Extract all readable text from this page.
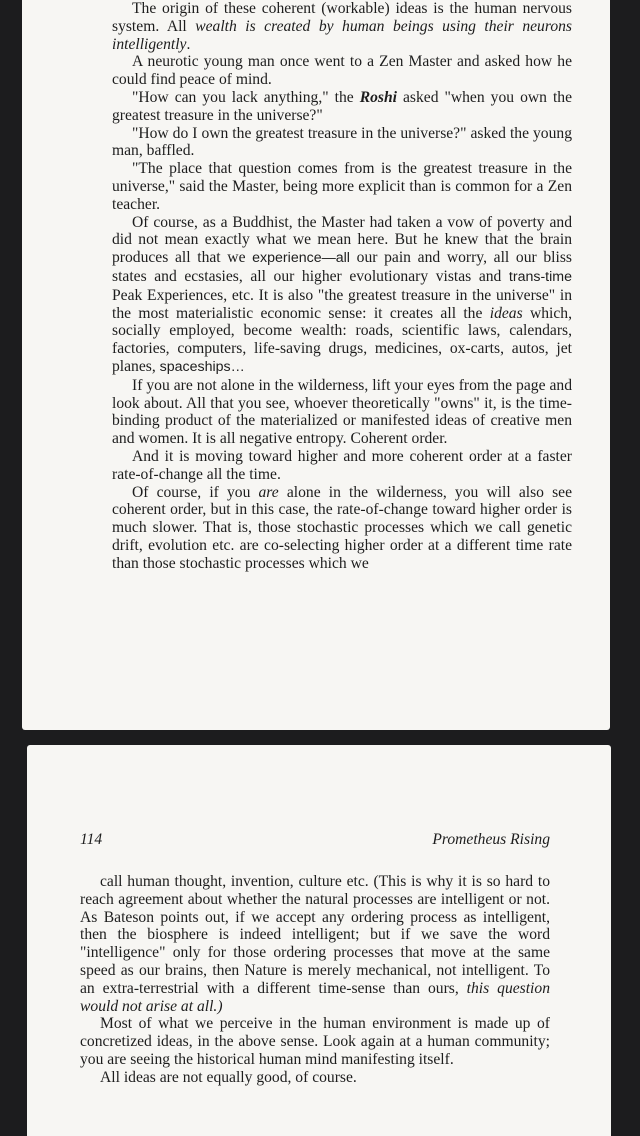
The origin of these coherent (workable) ideas is the human nervous system. All wealth is created by human beings using their neurons intelligently.

A neurotic young man once went to a Zen Master and asked how he could find peace of mind.

"How can you lack anything," the Roshi asked "when you own the greatest treasure in the universe?"

"How do I own the greatest treasure in the universe?" asked the young man, baffled.

"The place that question comes from is the greatest treasure in the universe," said the Master, being more explicit than is common for a Zen teacher.

Of course, as a Buddhist, the Master had taken a vow of poverty and did not mean exactly what we mean here. But he knew that the brain produces all that we experience—all our pain and worry, all our bliss states and ecstasies, all our higher evolutionary vistas and trans-time Peak Experiences, etc. It is also "the greatest treasure in the universe" in the most materialistic economic sense: it creates all the ideas which, socially employed, become wealth: roads, scientific laws, calendars, factories, computers, life-saving drugs, medicines, ox-carts, autos, jet planes, spaceships…

If you are not alone in the wilderness, lift your eyes from the page and look about. All that you see, whoever theoretically "owns" it, is the time-binding product of the materialized or manifested ideas of creative men and women. It is all negative entropy. Coherent order.

And it is moving toward higher and more coherent order at a faster rate-of-change all the time.

Of course, if you are alone in the wilderness, you will also see coherent order, but in this case, the rate-of-change toward higher order is much slower. That is, those stochastic processes which we call genetic drift, evolution etc. are co-selecting higher order at a different time rate than those stochastic processes which we

114	Prometheus Rising

call human thought, invention, culture etc. (This is why it is so hard to reach agreement about whether the natural processes are intelligent or not. As Bateson points out, if we accept any ordering process as intelligent, then the biosphere is indeed intelligent; but if we save the word "intelligence" only for those ordering processes that move at the same speed as our brains, then Nature is merely mechanical, not intelligent. To an extra-terrestrial with a different time-sense than ours, this question would not arise at all.)

Most of what we perceive in the human environment is made up of concretized ideas, in the above sense. Look again at a human community; you are seeing the historical human mind manifesting itself.

All ideas are not equally good, of course.
